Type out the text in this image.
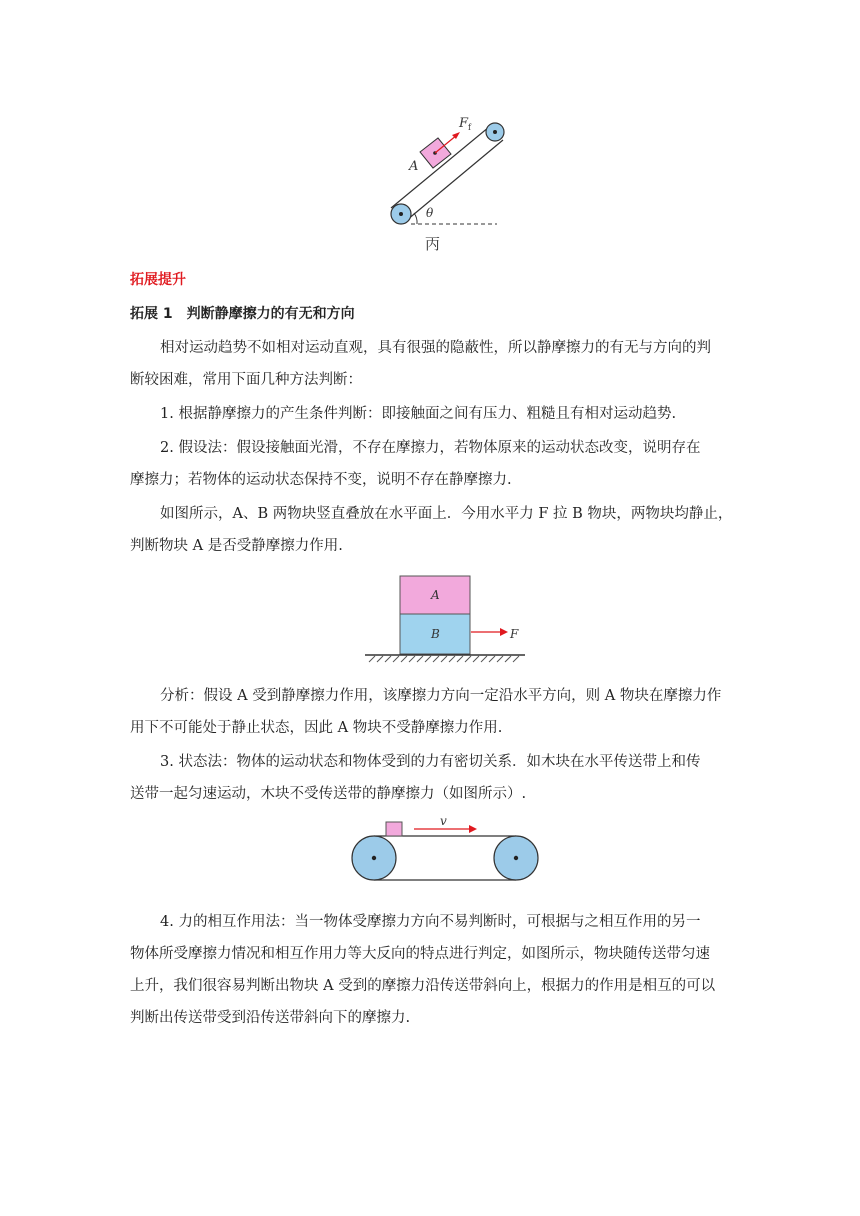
F f
A
θ
丙
拓展提升
拓展 1　判断静摩擦力的有无和方向
相对运动趋势不如相对运动直观，具有很强的隐蔽性，所以静摩擦力的有无与方向的判
断较困难，常用下面几种方法判断：
1. 根据静摩擦力的产生条件判断：即接触面之间有压力、粗糙且有相对运动趋势.
2. 假设法：假设接触面光滑，不存在摩擦力，若物体原来的运动状态改变，说明存在
摩擦力；若物体的运动状态保持不变，说明不存在静摩擦力.
如图所示，A、B 两物块竖直叠放在水平面上．今用水平力 F 拉 B 物块，两物块均静止，
判断物块 A 是否受静摩擦力作用.
A
B	F
分析：假设 A 受到静摩擦力作用，该摩擦力方向一定沿水平方向，则 A 物块在摩擦力作
用下不可能处于静止状态，因此 A 物块不受静摩擦力作用.
3. 状态法：物体的运动状态和物体受到的力有密切关系．如木块在水平传送带上和传
送带一起匀速运动，木块不受传送带的静摩擦力（如图所示）.
v
4. 力的相互作用法：当一物体受摩擦力方向不易判断时，可根据与之相互作用的另一
物体所受摩擦力情况和相互作用力等大反向的特点进行判定，如图所示，物块随传送带匀速
上升，我们很容易判断出物块 A 受到的摩擦力沿传送带斜向上，根据力的作用是相互的可以
判断出传送带受到沿传送带斜向下的摩擦力.
